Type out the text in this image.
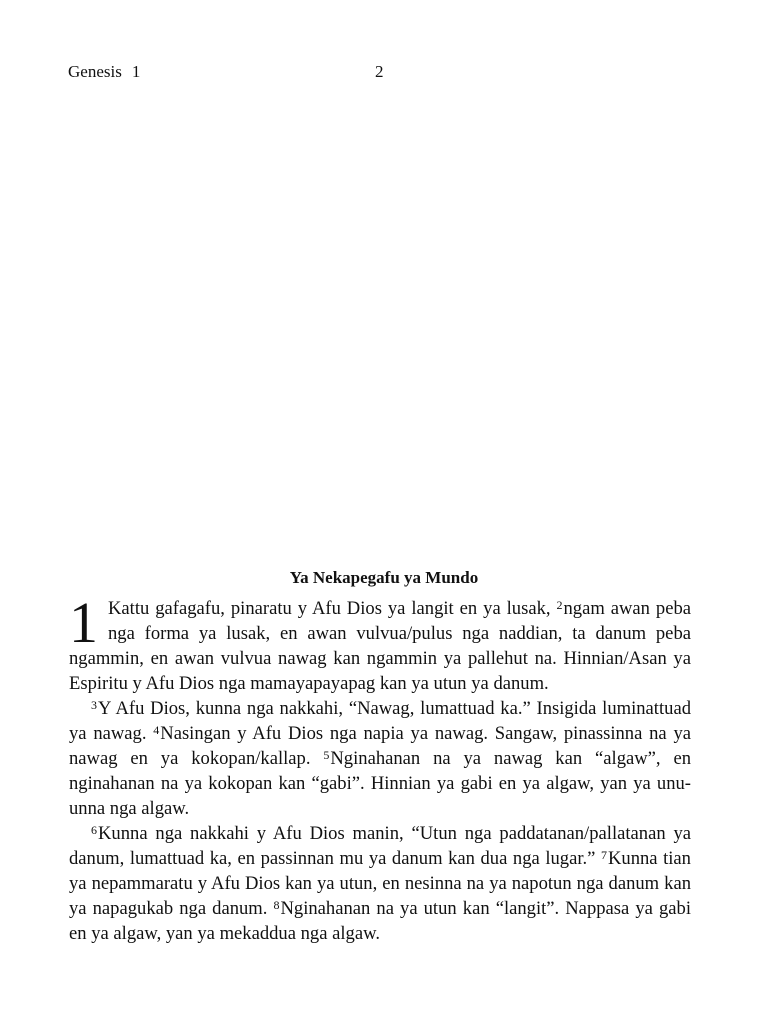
Genesis 1	2
Ya Nekapegafu ya Mundo

1 Kattu gafagafu, pinaratu y Afu Dios ya langit en ya lusak, $^2$ngam awan peba nga forma ya lusak, en awan vulvua/pulus nga naddian, ta danum peba ngammin, en awan vulvua nawag kan ngammin ya pallehut na. Hinnian/Asan ya Espiritu y Afu Dios nga mamayapayapag kan ya utun ya danum.

$^3$Y Afu Dios, kunna nga nakkahi, “Nawag, lumattuad ka.” Insigida luminattuad ya nawag. $^4$Nasingan y Afu Dios nga napia ya nawag. Sangaw, pinassinna na ya nawag en ya kokopan/kallap. $^5$Nginahanan na ya nawag kan “algaw”, en nginahanan na ya kokopan kan “gabi”. Hinnian ya gabi en ya algaw, yan ya unu-unna nga algaw.

$^6$Kunna nga nakkahi y Afu Dios manin, “Utun nga paddatanan/pallatanan ya danum, lumattuad ka, en passinnan mu ya danum kan dua nga lugar.” $^7$Kunna tian ya nepammaratu y Afu Dios kan ya utun, en nesinna na ya napotun nga danum kan ya napagukab nga danum. $^8$Nginahanan na ya utun kan “langit”. Nappasa ya gabi en ya algaw, yan ya mekaddua nga algaw.
